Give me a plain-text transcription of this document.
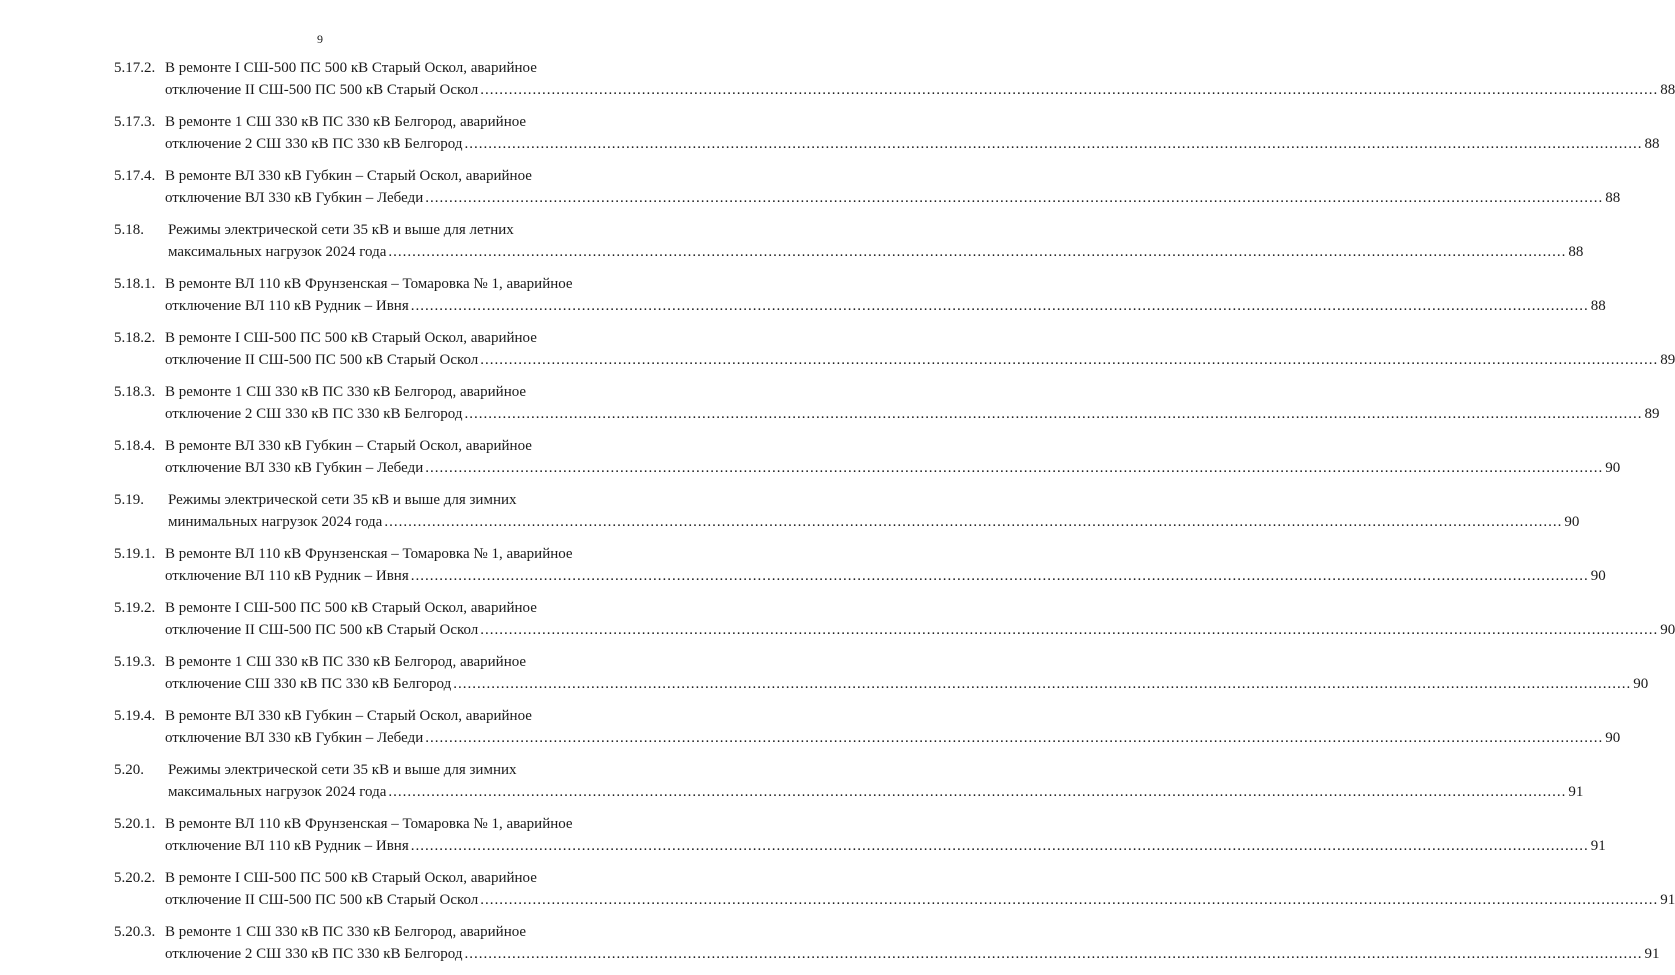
9
5.17.2. В ремонте I СШ-500 ПС 500 кВ Старый Оскол, аварийное
отключение II СШ-500 ПС 500 кВ Старый Оскол .....	88
5.17.3. В ремонте 1 СШ 330 кВ ПС 330 кВ Белгород, аварийное
отключение 2 СШ 330 кВ ПС 330 кВ Белгород .....	88
5.17.4. В ремонте ВЛ 330 кВ Губкин – Старый Оскол, аварийное
отключение ВЛ 330 кВ Губкин – Лебеди .....	88
5.18.	Режимы электрической сети 35 кВ и выше для летних
максимальных нагрузок 2024 года .....	88
5.18.1. В ремонте ВЛ 110 кВ Фрунзенская – Томаровка № 1, аварийное
отключение ВЛ 110 кВ Рудник – Ивня .....	88
5.18.2. В ремонте I СШ-500 ПС 500 кВ Старый Оскол, аварийное
отключение II СШ-500 ПС 500 кВ Старый Оскол .....	89
5.18.3. В ремонте 1 СШ 330 кВ ПС 330 кВ Белгород, аварийное
отключение 2 СШ 330 кВ ПС 330 кВ Белгород .....	89
5.18.4. В ремонте ВЛ 330 кВ Губкин – Старый Оскол, аварийное
отключение ВЛ 330 кВ Губкин – Лебеди .....	90
5.19.	Режимы электрической сети 35 кВ и выше для зимних
минимальных нагрузок 2024 года .....	90
5.19.1. В ремонте ВЛ 110 кВ Фрунзенская – Томаровка № 1, аварийное
отключение ВЛ 110 кВ Рудник – Ивня .....	90
5.19.2. В ремонте I СШ-500 ПС 500 кВ Старый Оскол, аварийное
отключение II СШ-500 ПС 500 кВ Старый Оскол .....	90
5.19.3. В ремонте 1 СШ 330 кВ ПС 330 кВ Белгород, аварийное
отключение СШ 330 кВ ПС 330 кВ Белгород .....	90
5.19.4. В ремонте ВЛ 330 кВ Губкин – Старый Оскол, аварийное
отключение ВЛ 330 кВ Губкин – Лебеди .....	90
5.20.	Режимы электрической сети 35 кВ и выше для зимних
максимальных нагрузок 2024 года .....	91
5.20.1. В ремонте ВЛ 110 кВ Фрунзенская – Томаровка № 1, аварийное
отключение ВЛ 110 кВ Рудник – Ивня .....	91
5.20.2. В ремонте I СШ-500 ПС 500 кВ Старый Оскол, аварийное
отключение II СШ-500 ПС 500 кВ Старый Оскол .....	91
5.20.3. В ремонте 1 СШ 330 кВ ПС 330 кВ Белгород, аварийное
отключение 2 СШ 330 кВ ПС 330 кВ Белгород .....	91
